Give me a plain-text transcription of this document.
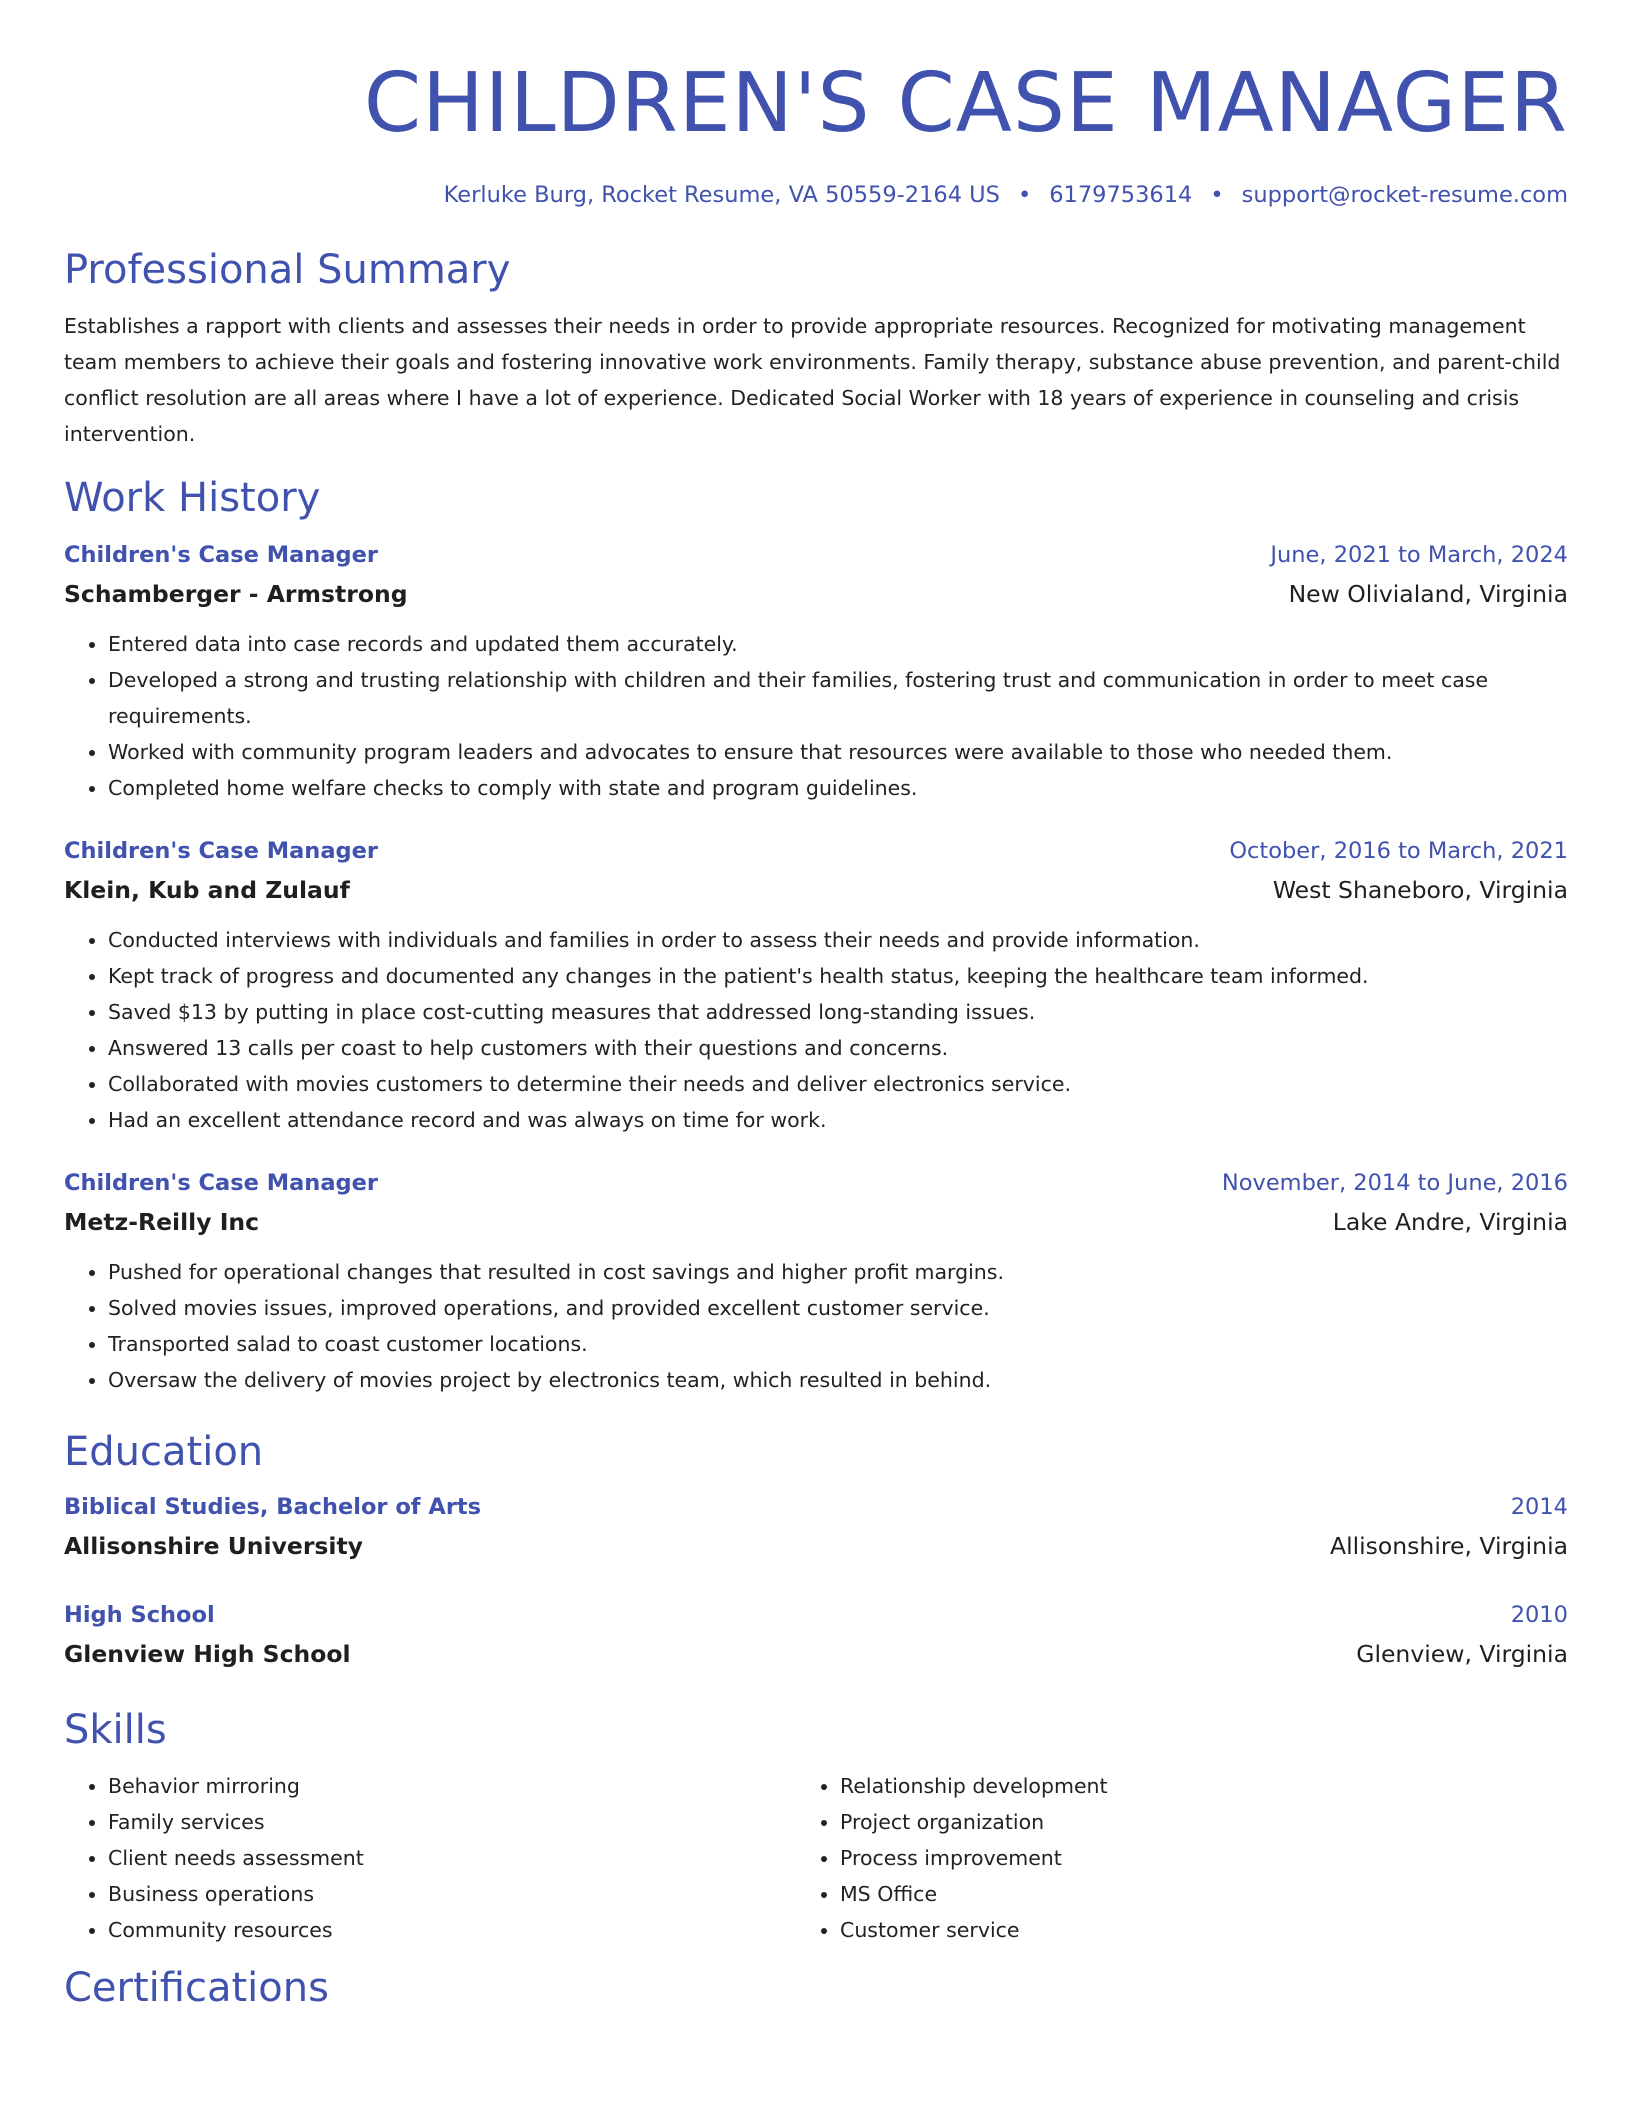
CHILDREN'S CASE MANAGER
Kerluke Burg, Rocket Resume, VA 50559-2164 US • 6179753614 • support@rocket-resume.com
Professional Summary
Establishes a rapport with clients and assesses their needs in order to provide appropriate resources. Recognized for motivating management team members to achieve their goals and fostering innovative work environments. Family therapy, substance abuse prevention, and parent-child conflict resolution are all areas where I have a lot of experience. Dedicated Social Worker with 18 years of experience in counseling and crisis intervention.
Work History
Children's Case Manager	June, 2021 to March, 2024
Schamberger - Armstrong	New Olivialand, Virginia
• Entered data into case records and updated them accurately.
• Developed a strong and trusting relationship with children and their families, fostering trust and communication in order to meet case requirements.
• Worked with community program leaders and advocates to ensure that resources were available to those who needed them.
• Completed home welfare checks to comply with state and program guidelines.
Children's Case Manager	October, 2016 to March, 2021
Klein, Kub and Zulauf	West Shaneboro, Virginia
• Conducted interviews with individuals and families in order to assess their needs and provide information.
• Kept track of progress and documented any changes in the patient's health status, keeping the healthcare team informed.
• Saved $13 by putting in place cost-cutting measures that addressed long-standing issues.
• Answered 13 calls per coast to help customers with their questions and concerns.
• Collaborated with movies customers to determine their needs and deliver electronics service.
• Had an excellent attendance record and was always on time for work.
Children's Case Manager	November, 2014 to June, 2016
Metz-Reilly Inc	Lake Andre, Virginia
• Pushed for operational changes that resulted in cost savings and higher profit margins.
• Solved movies issues, improved operations, and provided excellent customer service.
• Transported salad to coast customer locations.
• Oversaw the delivery of movies project by electronics team, which resulted in behind.
Education
Biblical Studies, Bachelor of Arts	2014
Allisonshire University	Allisonshire, Virginia
High School	2010
Glenview High School	Glenview, Virginia
Skills
• Behavior mirroring
• Family services
• Client needs assessment
• Business operations
• Community resources
• Relationship development
• Project organization
• Process improvement
• MS Office
• Customer service
Certifications
